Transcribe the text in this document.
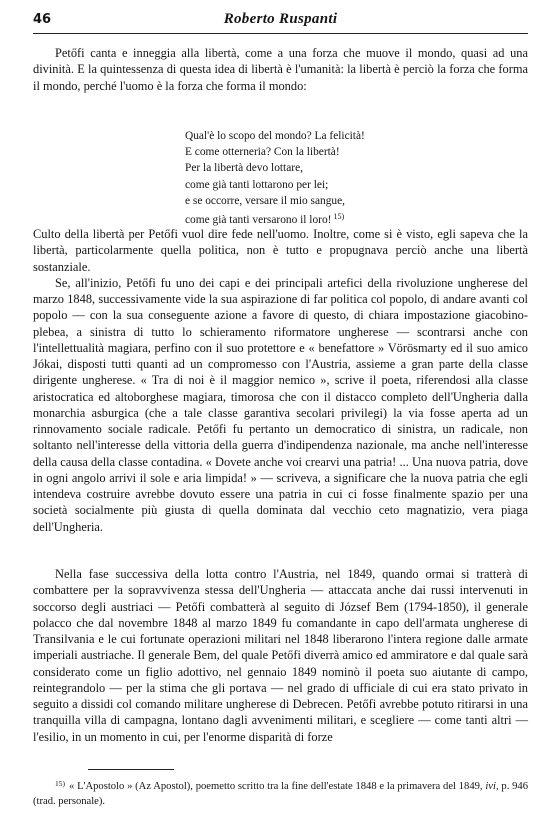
46	Roberto Ruspanti

Petőfi canta e inneggia alla libertà, come a una forza che muove il mondo, quasi ad una divinità. E la quintessenza di questa idea di libertà è l'umanità: la libertà è perciò la forza che forma il mondo, perché l'uomo è la forza che forma il mondo:

Qual'è lo scopo del mondo? La felicità!
E come otterneria? Con la libertà!
Per la libertà devo lottare,
come già tanti lottarono per lei;
e se occorre, versare il mio sangue,
come già tanti versarono il loro! $^{15)}$

Culto della libertà per Petőfi vuol dire fede nell'uomo. Inoltre, come si è visto, egli sapeva che la libertà, particolarmente quella politica, non è tutto e propugnava perciò anche una libertà sostanziale.

Se, all'inizio, Petőfi fu uno dei capi e dei principali artefici della rivoluzione ungherese del marzo 1848, successivamente vide la sua aspirazione di far politica col popolo, di andare avanti col popolo — con la sua conseguente azione a favore di questo, di chiara impostazione giacobino-plebea, a sinistra di tutto lo schieramento riformatore ungherese — scontrarsi anche con l'intellettualità magiara, perfino con il suo protettore e « benefattore » Vörösmarty ed il suo amico Jókai, disposti tutti quanti ad un compromesso con l'Austria, assieme a gran parte della classe dirigente ungherese. « Tra di noi è il maggior nemico », scrive il poeta, riferendosi alla classe aristocratica ed altoborghese magiara, timorosa che con il distacco completo dell'Ungheria dalla monarchia asburgica (che a tale classe garantiva secolari privilegi) la via fosse aperta ad un rinnovamento sociale radicale. Petőfi fu pertanto un democratico di sinistra, un radicale, non soltanto nell'interesse della vittoria della guerra d'indipendenza nazionale, ma anche nell'interesse della causa della classe contadina. « Dovete anche voi crearvi una patria! ... Una nuova patria, dove in ogni angolo arrivi il sole e aria limpida! » — scriveva, a significare che la nuova patria che egli intendeva costruire avrebbe dovuto essere una patria in cui ci fosse finalmente spazio per una società socialmente più giusta di quella dominata dal vecchio ceto magnatizio, vera piaga dell'Ungheria.

Nella fase successiva della lotta contro l'Austria, nel 1849, quando ormai si tratterà di combattere per la sopravvivenza stessa dell'Ungheria — attaccata anche dai russi intervenuti in soccorso degli austriaci — Petőfi combatterà al seguito di József Bem (1794-1850), il generale polacco che dal novembre 1848 al marzo 1849 fu comandante in capo dell'armata ungherese di Transilvania e le cui fortunate operazioni militari nel 1848 liberarono l'intera regione dalle armate imperiali austriache. Il generale Bem, del quale Petőfi diverrà amico ed ammiratore e dal quale sarà considerato come un figlio adottivo, nel gennaio 1849 nominò il poeta suo aiutante di campo, reintegrandolo — per la stima che gli portava — nel grado di ufficiale di cui era stato privato in seguito a dissidi col comando militare ungherese di Debrecen. Petőfi avrebbe potuto ritirarsi in una tranquilla villa di campagna, lontano dagli avvenimenti militari, e scegliere — come tanti altri — l'esilio, in un momento in cui, per l'enorme disparità di forze

$^{15)}$ « L'Apostolo » (Az Apostol), poemetto scritto tra la fine dell'estate 1848 e la primavera del 1849, ivi, p. 946 (trad. personale).
